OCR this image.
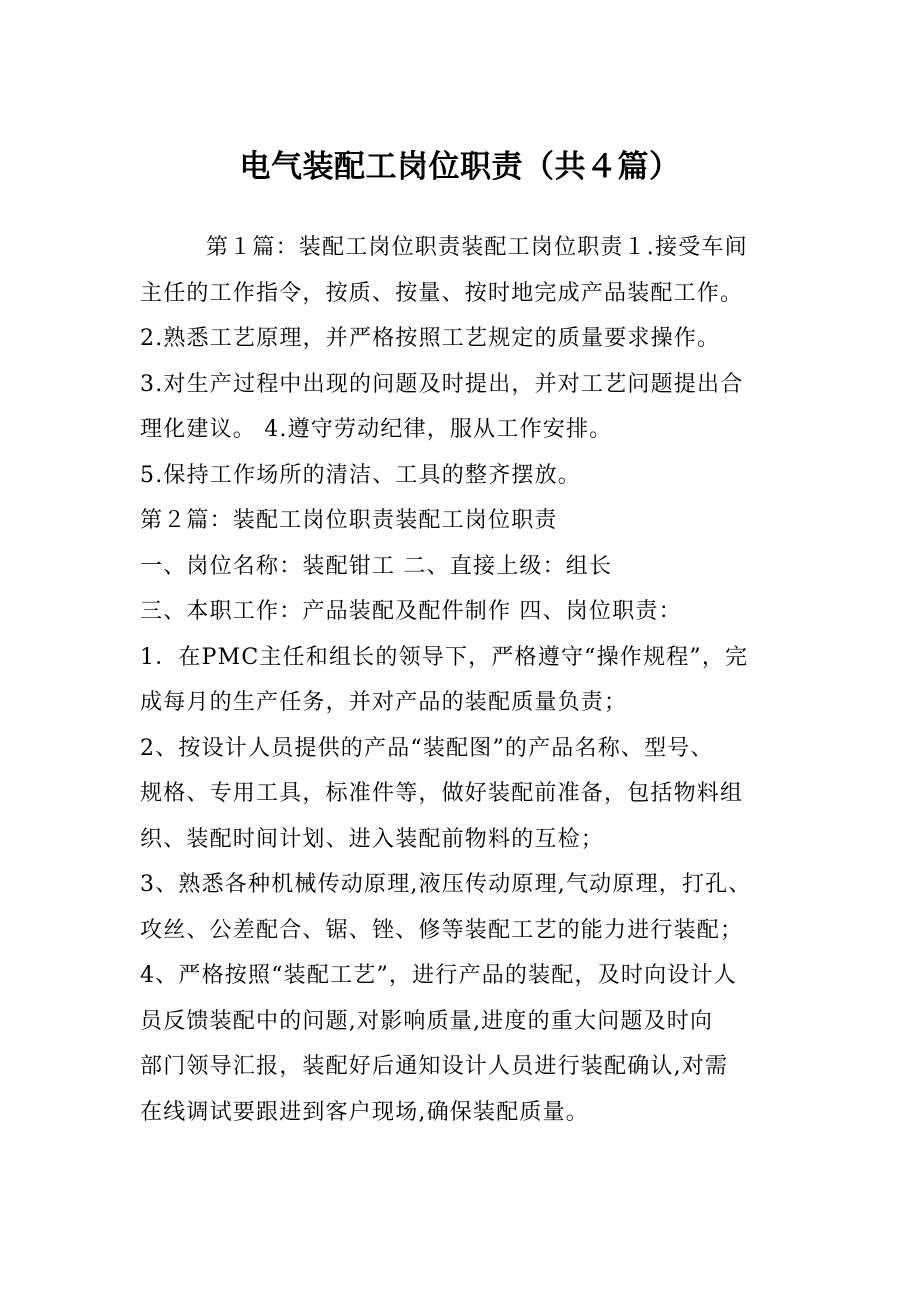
电气装配工岗位职责（共４篇）
第１篇：装配工岗位职责装配工岗位职责１.接受车间
主任的工作指令，按质、按量、按时地完成产品装配工作。
2.熟悉工艺原理，并严格按照工艺规定的质量要求操作。
3.对生产过程中出现的问题及时提出，并对工艺问题提出合
理化建议。 4.遵守劳动纪律，服从工作安排。
5.保持工作场所的清洁、工具的整齐摆放。
第２篇：装配工岗位职责装配工岗位职责
一、岗位名称：装配钳工 二、直接上级：组长
三、本职工作：产品装配及配件制作 四、岗位职责：
1．在PMC主任和组长的领导下，严格遵守“操作规程”，完
成每月的生产任务，并对产品的装配质量负责；
2、按设计人员提供的产品“装配图”的产品名称、型号、
规格、专用工具，标准件等，做好装配前准备，包括物料组
织、装配时间计划、进入装配前物料的互检；
3、熟悉各种机械传动原理,液压传动原理,气动原理，打孔、
攻丝、公差配合、锯、锉、修等装配工艺的能力进行装配；
4、严格按照“装配工艺”，进行产品的装配，及时向设计人
员反馈装配中的问题,对影响质量,进度的重大问题及时向
部门领导汇报，装配好后通知设计人员进行装配确认,对需
在线调试要跟进到客户现场,确保装配质量。
